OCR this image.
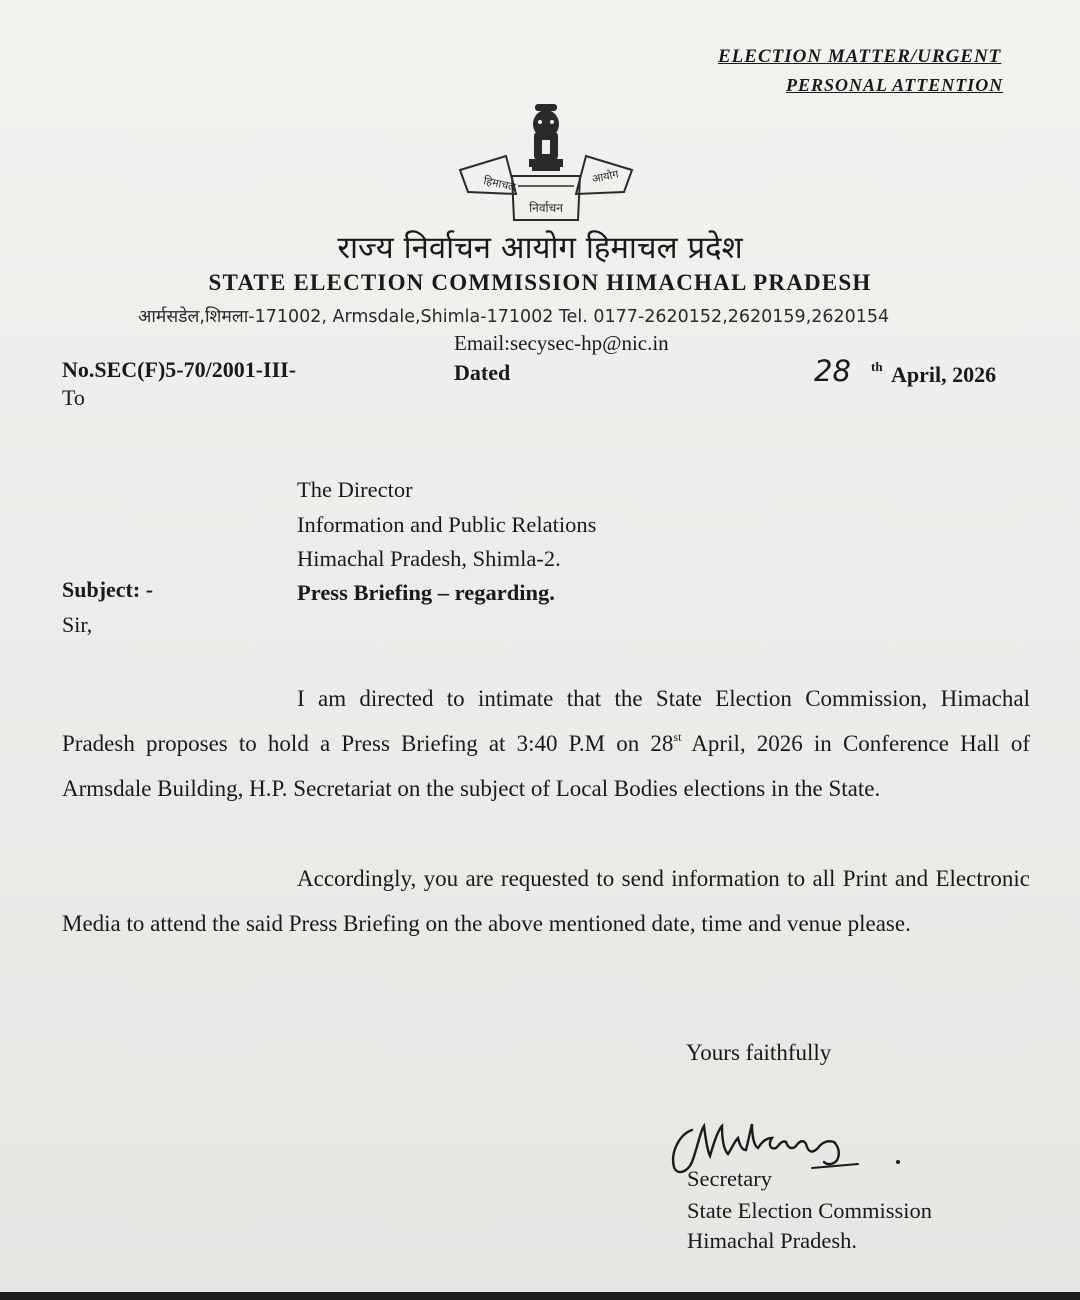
ELECTION MATTER/URGENT
PERSONAL ATTENTION
हिमाचल	आयोग
निर्वाचन
राज्य निर्वाचन आयोग हिमाचल प्रदेश
STATE ELECTION COMMISSION HIMACHAL PRADESH
आर्मसडेल,शिमला-171002, Armsdale,Shimla-171002 Tel. 0177-2620152,2620159,2620154
Email:secysec-hp@nic.in
No.SEC(F)5-70/2001-III-	Dated	28 th April, 2026
To
The Director
Information and Public Relations
Himachal Pradesh, Shimla-2.
Subject: -	Press Briefing – regarding.
Sir,
I am directed to intimate that the State Election Commission, Himachal Pradesh proposes to hold a Press Briefing at 3:40 P.M on 28st April, 2026 in Conference Hall of Armsdale Building, H.P. Secretariat on the subject of Local Bodies elections in the State.
Accordingly, you are requested to send information to all Print and Electronic Media to attend the said Press Briefing on the above mentioned date, time and venue please.
Yours faithfully
Secretary
State Election Commission
Himachal Pradesh.
